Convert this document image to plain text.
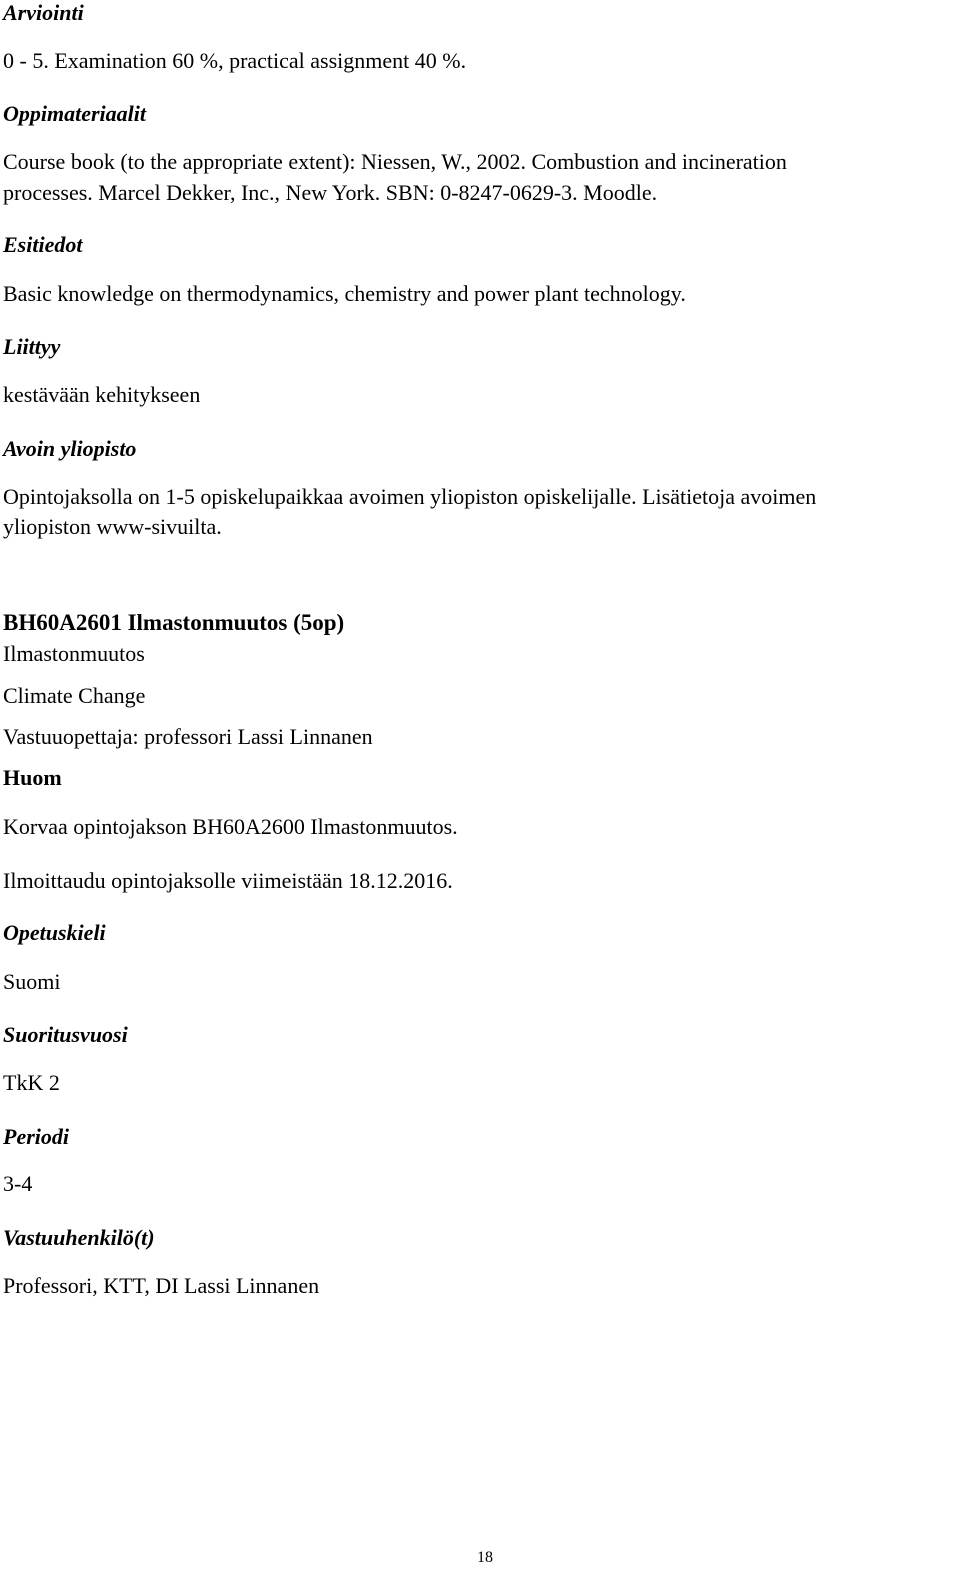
Arviointi

0 - 5. Examination 60 %, practical assignment 40 %.

Oppimateriaalit

Course book (to the appropriate extent): Niessen, W., 2002. Combustion and incineration

processes. Marcel Dekker, Inc., New York. SBN: 0-8247-0629-3. Moodle.

Esitiedot

Basic knowledge on thermodynamics, chemistry and power plant technology.

Liittyy

kestävään kehitykseen

Avoin yliopisto

Opintojaksolla on 1-5 opiskelupaikkaa avoimen yliopiston opiskelijalle. Lisätietoja avoimen

yliopiston www-sivuilta.

BH60A2601 Ilmastonmuutos (5op)

Ilmastonmuutos

Climate Change

Vastuuopettaja: professori Lassi Linnanen

Huom

Korvaa opintojakson BH60A2600 Ilmastonmuutos.

Ilmoittaudu opintojaksolle viimeistään 18.12.2016.

Opetuskieli

Suomi

Suoritusvuosi

TkK 2

Periodi

3-4

Vastuuhenkilö(t)

Professori, KTT, DI Lassi Linnanen

18
